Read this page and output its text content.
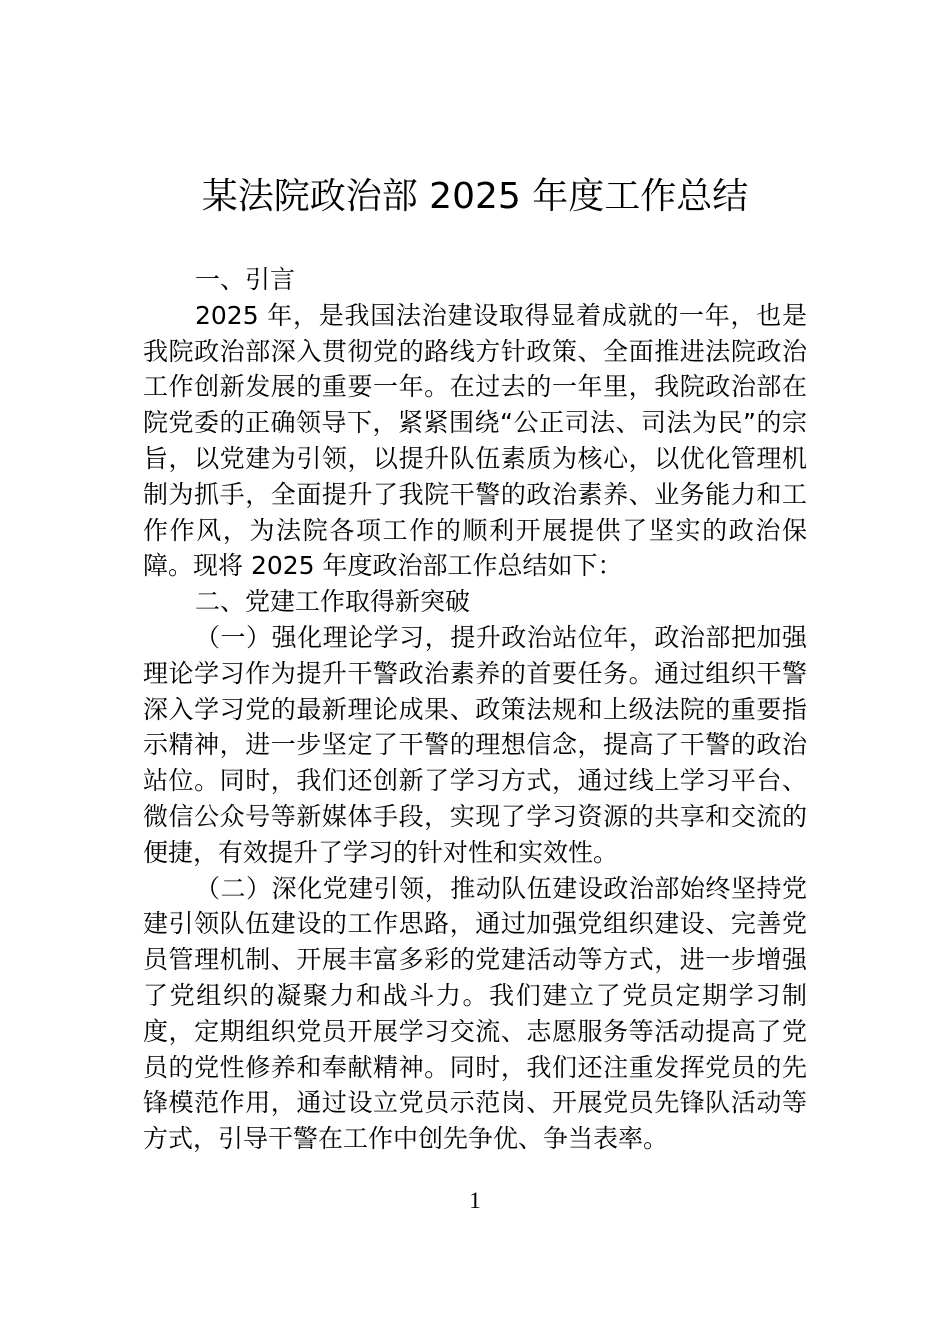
某法院政治部 2025 年度工作总结

一、引言

2025 年，是我国法治建设取得显着成就的一年，也是我院政治部深入贯彻党的路线方针政策、全面推进法院政治工作创新发展的重要一年。在过去的一年里，我院政治部在院党委的正确领导下，紧紧围绕“公正司法、司法为民”的宗旨，以党建为引领，以提升队伍素质为核心，以优化管理机制为抓手，全面提升了我院干警的政治素养、业务能力和工作作风，为法院各项工作的顺利开展提供了坚实的政治保障。现将 2025 年度政治部工作总结如下：

二、党建工作取得新突破

（一）强化理论学习，提升政治站位年，政治部把加强理论学习作为提升干警政治素养的首要任务。通过组织干警深入学习党的最新理论成果、政策法规和上级法院的重要指示精神，进一步坚定了干警的理想信念，提高了干警的政治站位。同时，我们还创新了学习方式，通过线上学习平台、微信公众号等新媒体手段，实现了学习资源的共享和交流的便捷，有效提升了学习的针对性和实效性。

（二）深化党建引领，推动队伍建设政治部始终坚持党建引领队伍建设的工作思路，通过加强党组织建设、完善党员管理机制、开展丰富多彩的党建活动等方式，进一步增强了党组织的凝聚力和战斗力。我们建立了党员定期学习制度，定期组织党员开展学习交流、志愿服务等活动提高了党员的党性修养和奉献精神。同时，我们还注重发挥党员的先锋模范作用，通过设立党员示范岗、开展党员先锋队活动等方式，引导干警在工作中创先争优、争当表率。

1
